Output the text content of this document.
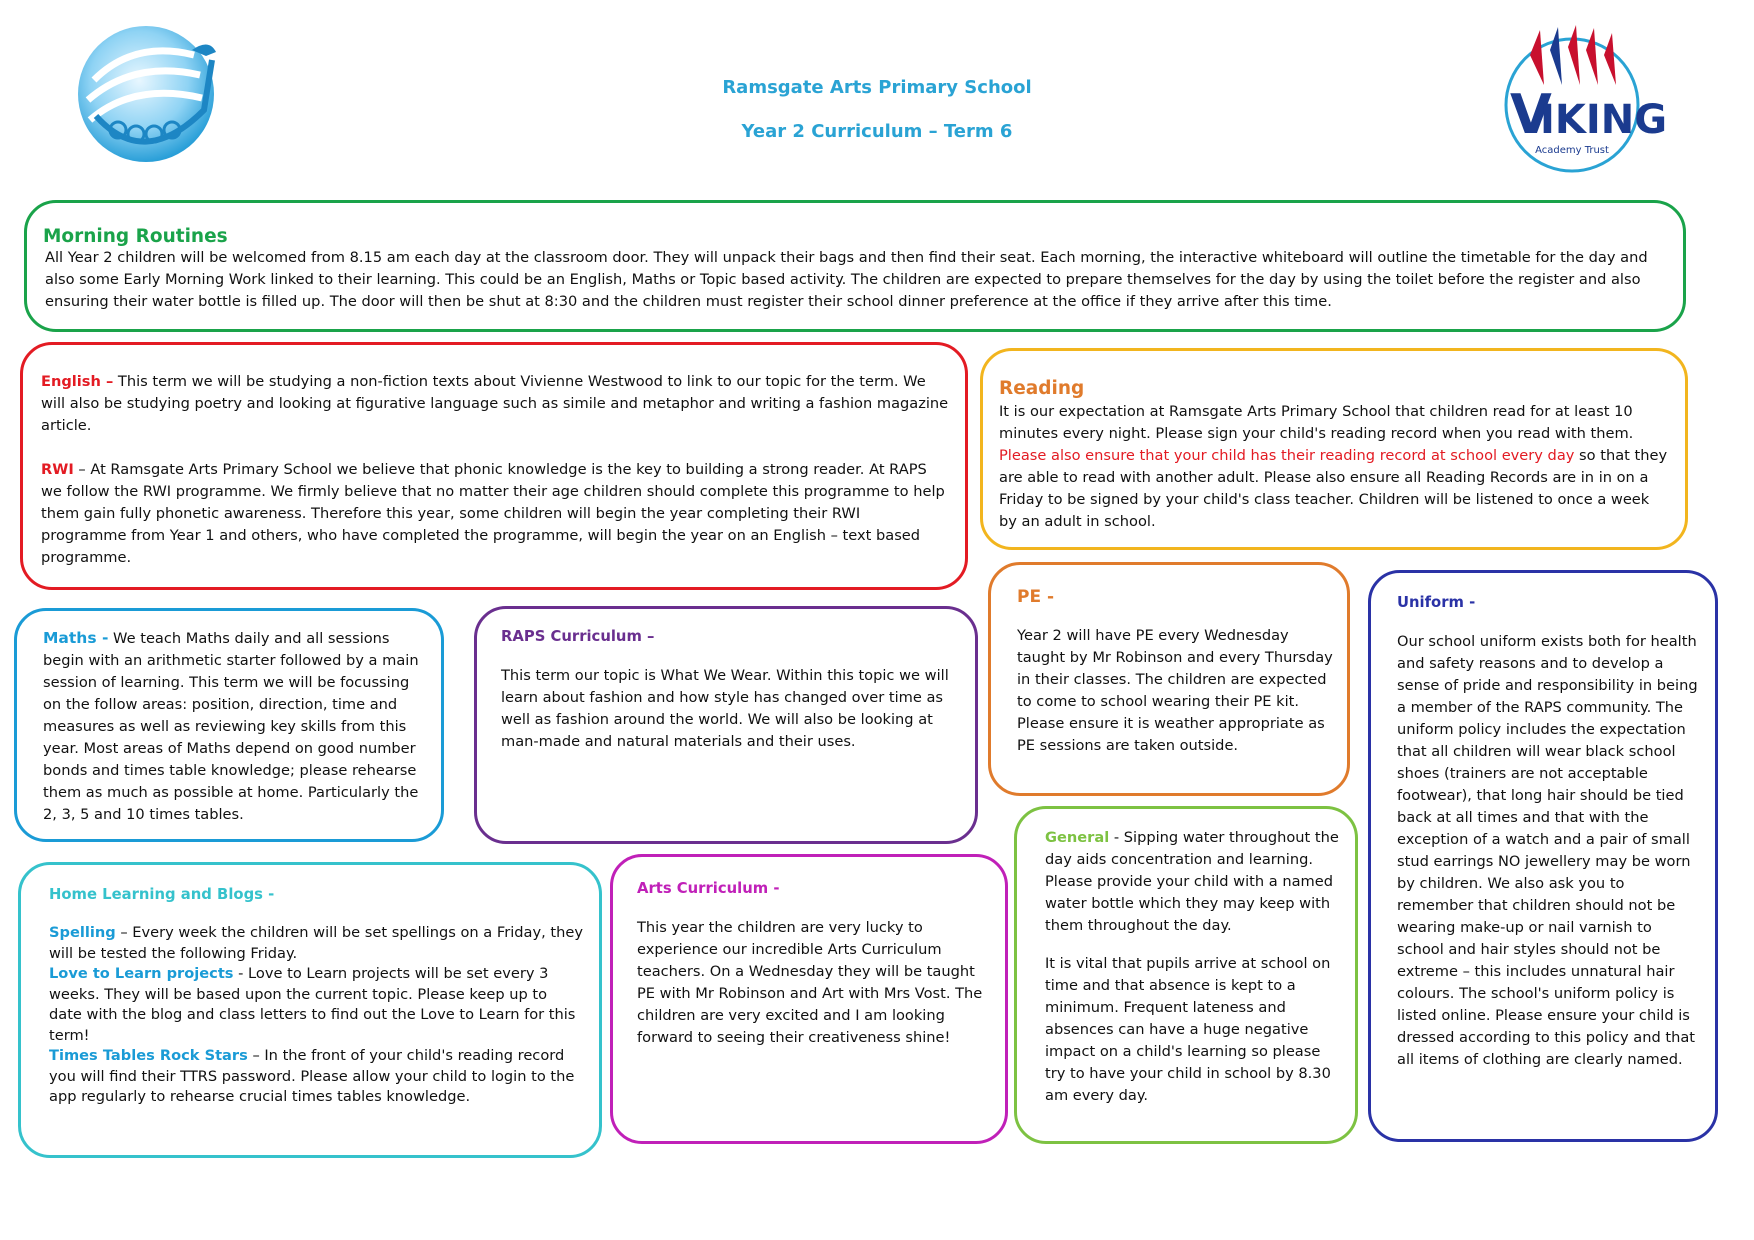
Ramsgate Arts Primary School
Year 2 Curriculum – Term 6	V
IKING
Academy Trust
Morning Routines
All Year 2 children will be welcomed from 8.15 am each day at the classroom door. They will unpack their bags and then find their seat. Each morning, the interactive whiteboard will outline the timetable for the day and also some Early Morning Work linked to their learning. This could be an English, Maths or Topic based activity. The children are expected to prepare themselves for the day by using the toilet before the register and also ensuring their water bottle is filled up. The door will then be shut at 8:30 and the children must register their school dinner preference at the office if they arrive after this time.

English – This term we will be studying a non-fiction texts about Vivienne Westwood to link to our topic for the term. We will also be studying poetry and looking at figurative language such as simile and metaphor and writing a fashion magazine article.

RWI – At Ramsgate Arts Primary School we believe that phonic knowledge is the key to building a strong reader. At RAPS we follow the RWI programme. We firmly believe that no matter their age children should complete this programme to help them gain fully phonetic awareness. Therefore this year, some children will begin the year completing their RWI programme from Year 1 and others, who have completed the programme, will begin the year on an English – text based programme.

Reading

It is our expectation at Ramsgate Arts Primary School that children read for at least 10 minutes every night. Please sign your child's reading record when you read with them. Please also ensure that your child has their reading record at school every day so that they are able to read with another adult. Please also ensure all Reading Records are in in on a Friday to be signed by your child's class teacher. Children will be listened to once a week by an adult in school.

Maths - We teach Maths daily and all sessions begin with an arithmetic starter followed by a main session of learning. This term we will be focussing on the follow areas: position, direction, time and measures as well as reviewing key skills from this year. Most areas of Maths depend on good number bonds and times table knowledge; please rehearse them as much as possible at home. Particularly the 2, 3, 5 and 10 times tables.

RAPS Curriculum –

This term our topic is What We Wear. Within this topic we will learn about fashion and how style has changed over time as well as fashion around the world. We will also be looking at man-made and natural materials and their uses.

PE -

Year 2 will have PE every Wednesday taught by Mr Robinson and every Thursday in their classes. The children are expected to come to school wearing their PE kit. Please ensure it is weather appropriate as PE sessions are taken outside.

Uniform -

Our school uniform exists both for health and safety reasons and to develop a sense of pride and responsibility in being a member of the RAPS community. The uniform policy includes the expectation that all children will wear black school shoes (trainers are not acceptable footwear), that long hair should be tied back at all times and that with the exception of a watch and a pair of small stud earrings NO jewellery may be worn by children. We also ask you to remember that children should not be wearing make-up or nail varnish to school and hair styles should not be extreme – this includes unnatural hair colours. The school's uniform policy is listed online. Please ensure your child is dressed according to this policy and that all items of clothing are clearly named.

Home Learning and Blogs -

Spelling – Every week the children will be set spellings on a Friday, they will be tested the following Friday.

Love to Learn projects - Love to Learn projects will be set every 3 weeks. They will be based upon the current topic. Please keep up to date with the blog and class letters to find out the Love to Learn for this term!

Times Tables Rock Stars – In the front of your child's reading record you will find their TTRS password. Please allow your child to login to the app regularly to rehearse crucial times tables knowledge.

Arts Curriculum -

This year the children are very lucky to experience our incredible Arts Curriculum teachers. On a Wednesday they will be taught PE with Mr Robinson and Art with Mrs Vost. The children are very excited and I am looking forward to seeing their creativeness shine!

General - Sipping water throughout the day aids concentration and learning. Please provide your child with a named water bottle which they may keep with them throughout the day.

It is vital that pupils arrive at school on time and that absence is kept to a minimum. Frequent lateness and absences can have a huge negative impact on a child's learning so please try to have your child in school by 8.30 am every day.
